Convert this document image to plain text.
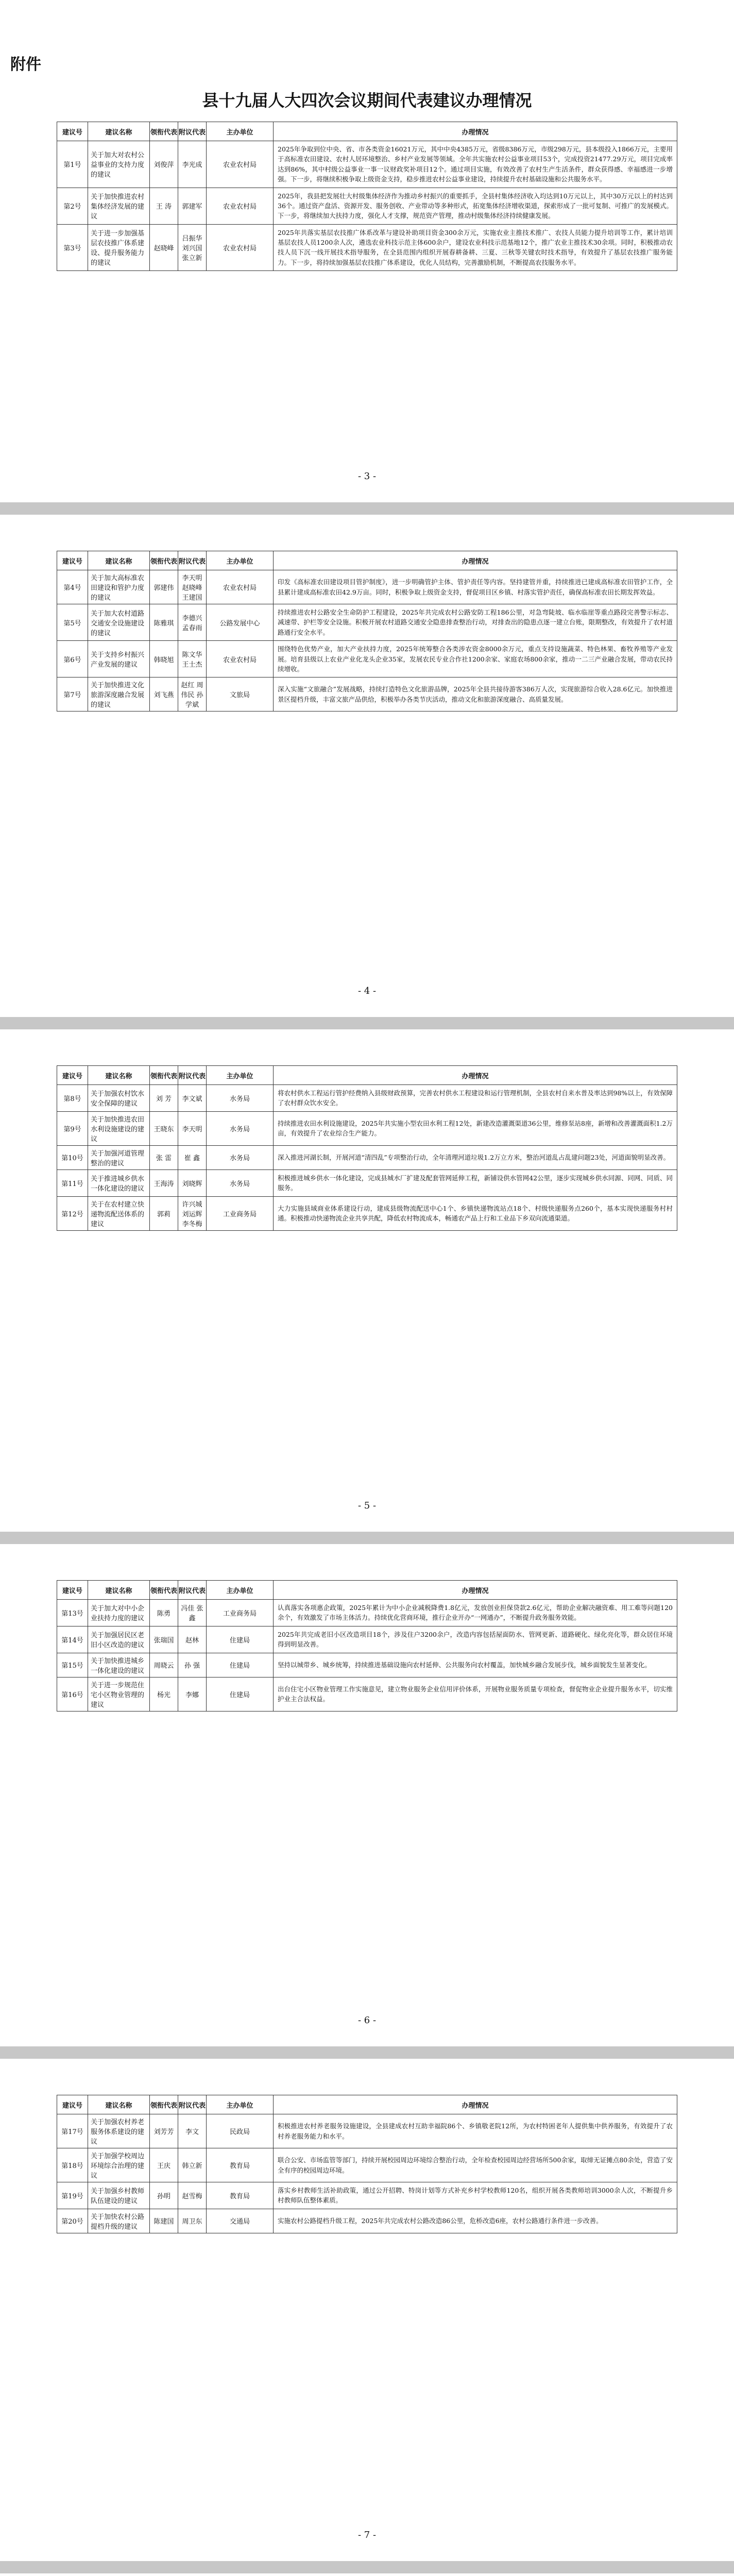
附件
县十九届人大四次会议期间代表建议办理情况
建议号	建议名称	领衔代表	附议代表	主办单位	办理情况
第1号	关于加大对农村公益事业的支持力度的建议	刘俊萍	李光成	农业农村局	2025年争取到位中央、省、市各类资金16021万元，其中中央4385万元，省级8386万元，市级298万元，县本级投入1866万元，主要用于高标准农田建设、农村人居环境整治、乡村产业发展等领域。全年共实施农村公益事业项目53个，完成投资21477.29万元，项目完成率达到86%，其中村级公益事业一事一议财政奖补项目12个。通过项目实施，有效改善了农村生产生活条件，群众获得感、幸福感进一步增强。下一步，将继续积极争取上级资金支持，稳步推进农村公益事业建设，持续提升农村基础设施和公共服务水平。
第2号	关于加快推进农村集体经济发展的建议	王 涛	郭建军	农业农村局	2025年，我县把发展壮大村级集体经济作为推动乡村振兴的重要抓手，全县村集体经济收入均达到10万元以上，其中30万元以上的村达到36个。通过资产盘活、资源开发、服务创收、产业带动等多种形式，拓宽集体经济增收渠道，探索形成了一批可复制、可推广的发展模式。下一步，将继续加大扶持力度，强化人才支撑，规范资产管理，推动村级集体经济持续健康发展。
第3号	关于进一步加强基层农技推广体系建设、提升服务能力的建议	赵晓峰	吕振华 刘兴国 张立新	农业农村局	2025年共落实基层农技推广体系改革与建设补助项目资金300余万元，实施农业主推技术推广、农技人员能力提升培训等工作，累计培训基层农技人员1200余人次，遴选农业科技示范主体600余户，建设农业科技示范基地12个，推广农业主推技术30余项。同时，积极推动农技人员下沉一线开展技术指导服务，在全县范围内组织开展春耕备耕、三夏、三秋等关键农时技术指导，有效提升了基层农技推广服务能力。下一步，将持续加强基层农技推广体系建设，优化人员结构，完善激励机制，不断提高农技服务水平。
- 3 -
建议号	建议名称	领衔代表	附议代表	主办单位	办理情况
第4号	关于加大高标准农田建设和管护力度的建议	郭建伟	李天明 赵晓峰 王建国	农业农村局	印发《高标准农田建设项目管护制度》，进一步明确管护主体、管护责任等内容。坚持建管并重，持续推进已建成高标准农田管护工作，全县累计建成高标准农田42.9万亩。同时，积极争取上级资金支持，督促项目区乡镇、村落实管护责任，确保高标准农田长期发挥效益。
第5号	关于加大农村道路交通安全设施建设的建议	陈雅琪	李德兴 孟春雨	公路发展中心	持续推进农村公路安全生命防护工程建设，2025年共完成农村公路安防工程186公里，对急弯陡坡、临水临崖等重点路段完善警示标志、减速带、护栏等安全设施。积极开展农村道路交通安全隐患排查整治行动，对排查出的隐患点逐一建立台账，限期整改，有效提升了农村道路通行安全水平。
第6号	关于支持乡村振兴产业发展的建议	韩晓旭	陈文华 王士杰	农业农村局	围绕特色优势产业，加大产业扶持力度，2025年统筹整合各类涉农资金8000余万元，重点支持设施蔬菜、特色林果、畜牧养殖等产业发展。培育县级以上农业产业化龙头企业35家，发展农民专业合作社1200余家、家庭农场800余家，推动一二三产业融合发展，带动农民持续增收。
第7号	关于加快推进文化旅游深度融合发展的建议	刘飞燕	赵红 周伟民 孙学斌	文旅局	深入实施“文旅融合”发展战略，持续打造特色文化旅游品牌，2025年全县共接待游客386万人次，实现旅游综合收入28.6亿元。加快推进景区提档升级，丰富文旅产品供给，积极举办各类节庆活动，推动文化和旅游深度融合、高质量发展。
- 4 -
建议号	建议名称	领衔代表	附议代表	主办单位	办理情况
第8号	关于加强农村饮水安全保障的建议	刘 芳	李文斌	水务局	将农村供水工程运行管护经费纳入县级财政预算，完善农村供水工程建设和运行管理机制，全县农村自来水普及率达到98%以上，有效保障了农村群众饮水安全。
第9号	关于加快推进农田水利设施建设的建议	王晓东	李天明	水务局	持续推进农田水利设施建设，2025年共实施小型农田水利工程12处，新建改造灌溉渠道36公里，维修泵站8座，新增和改善灌溉面积1.2万亩，有效提升了农业综合生产能力。
第10号	关于加强河道管理整治的建议	张 雷	崔 鑫	水务局	深入推进河湖长制，开展河道“清四乱”专项整治行动，全年清理河道垃圾1.2万立方米，整治河道乱占乱建问题23处，河道面貌明显改善。
第11号	关于推进城乡供水一体化建设的建议	王海涛	刘晓辉	水务局	积极推进城乡供水一体化建设，完成县城水厂扩建及配套管网延伸工程，新铺设供水管网42公里，逐步实现城乡供水同源、同网、同质、同服务。
第12号	关于在农村建立快递物流配送体系的建议	郭莉	许兴城 刘运辉 李冬梅	工业商务局	大力实施县域商业体系建设行动，建成县级物流配送中心1个、乡镇快递物流站点18个、村级快递服务点260个，基本实现快递服务村村通。积极推动快递物流企业共享共配，降低农村物流成本，畅通农产品上行和工业品下乡双向流通渠道。
- 5 -
建议号	建议名称	领衔代表	附议代表	主办单位	办理情况
第13号	关于加大对中小企业扶持力度的建议	陈勇	冯佳 张 鑫	工业商务局	认真落实各项惠企政策，2025年累计为中小企业减税降费1.8亿元，发放创业担保贷款2.6亿元，帮助企业解决融资难、用工难等问题120余个，有效激发了市场主体活力。持续优化营商环境，推行企业开办“一网通办”，不断提升政务服务效能。
第14号	关于加强居民区老旧小区改造的建议	张瑞国	赵林	住建局	2025年共完成老旧小区改造项目18个，涉及住户3200余户，改造内容包括屋面防水、管网更新、道路硬化、绿化亮化等，群众居住环境得到明显改善。
第15号	关于加快推进城乡一体化建设的建议	周晓云	孙 强	住建局	坚持以城带乡、城乡统筹，持续推进基础设施向农村延伸、公共服务向农村覆盖，加快城乡融合发展步伐，城乡面貌发生显著变化。
第16号	关于进一步规范住宅小区物业管理的建议	杨光	李娜	住建局	出台住宅小区物业管理工作实施意见，建立物业服务企业信用评价体系，开展物业服务质量专项检查，督促物业企业提升服务水平，切实维护业主合法权益。
- 6 -
建议号	建议名称	领衔代表	附议代表	主办单位	办理情况
第17号	关于加强农村养老服务体系建设的建议	刘芳芳	李文	民政局	积极推进农村养老服务设施建设，全县建成农村互助幸福院86个、乡镇敬老院12所，为农村特困老年人提供集中供养服务，有效提升了农村养老服务能力和水平。
第18号	关于加强学校周边环境综合治理的建议	王庆	韩立新	教育局	联合公安、市场监管等部门，持续开展校园周边环境综合整治行动，全年检查校园周边经营场所500余家，取缔无证摊点80余处，营造了安全有序的校园周边环境。
第19号	关于加强乡村教师队伍建设的建议	孙明	赵雪梅	教育局	落实乡村教师生活补助政策，通过公开招聘、特岗计划等方式补充乡村学校教师120名，组织开展各类教师培训3000余人次，不断提升乡村教师队伍整体素质。
第20号	关于加快农村公路提档升级的建议	陈建国	周卫东	交通局	实施农村公路提档升级工程，2025年共完成农村公路改造86公里，危桥改造6座，农村公路通行条件进一步改善。
- 7 -
